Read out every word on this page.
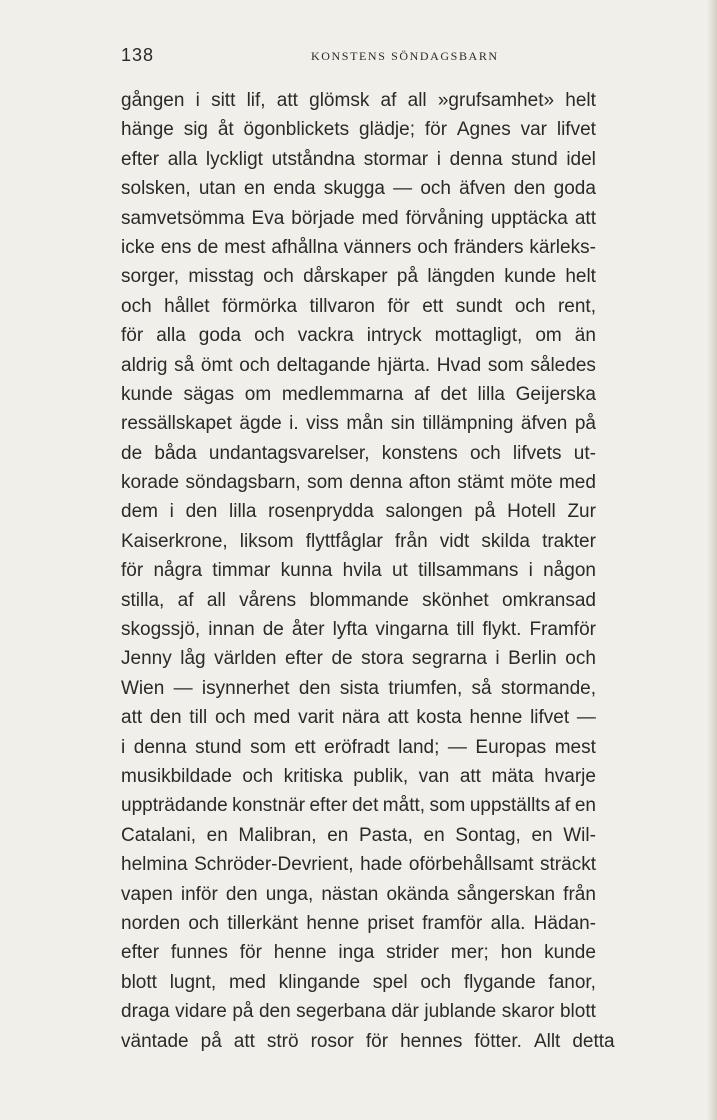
138	KONSTENS SÖNDAGSBARN
gången i sitt lif, att glömsk af all »grufsamhet» helt
hänge sig åt ögonblickets glädje; för Agnes var lifvet
efter alla lyckligt utståndna stormar i denna stund idel
solsken, utan en enda skugga — och äfven den goda
samvetsömma Eva började med förvåning upptäcka att
icke ens de mest afhållna vänners och fränders kärleks-
sorger, misstag och dårskaper på längden kunde helt
och hållet förmörka tillvaron för ett sundt och rent,
för alla goda och vackra intryck mottagligt, om än
aldrig så ömt och deltagande hjärta. Hvad som således
kunde sägas om medlemmarna af det lilla Geijerska
ressällskapet ägde i. viss mån sin tillämpning äfven på
de båda undantagsvarelser, konstens och lifvets ut-
korade söndagsbarn, som denna afton stämt möte med
dem i den lilla rosenprydda salongen på Hotell Zur
Kaiserkrone, liksom flyttfåglar från vidt skilda trakter
för några timmar kunna hvila ut tillsammans i någon
stilla, af all vårens blommande skönhet omkransad
skogssjö, innan de åter lyfta vingarna till flykt. Framför
Jenny låg världen efter de stora segrarna i Berlin och
Wien — isynnerhet den sista triumfen, så stormande,
att den till och med varit nära att kosta henne lifvet —
i denna stund som ett eröfradt land; — Europas mest
musikbildade och kritiska publik, van att mäta hvarje
uppträdande konstnär efter det mått, som uppställts af en
Catalani, en Malibran, en Pasta, en Sontag, en Wil-
helmina Schröder-Devrient, hade oförbehållsamt sträckt
vapen inför den unga, nästan okända sångerskan från
norden och tillerkänt henne priset framför alla. Hädan-
efter funnes för henne inga strider mer; hon kunde
blott lugnt, med klingande spel och flygande fanor,
draga vidare på den segerbana där jublande skaror blott
väntade på att strö rosor för hennes fötter. Allt detta
